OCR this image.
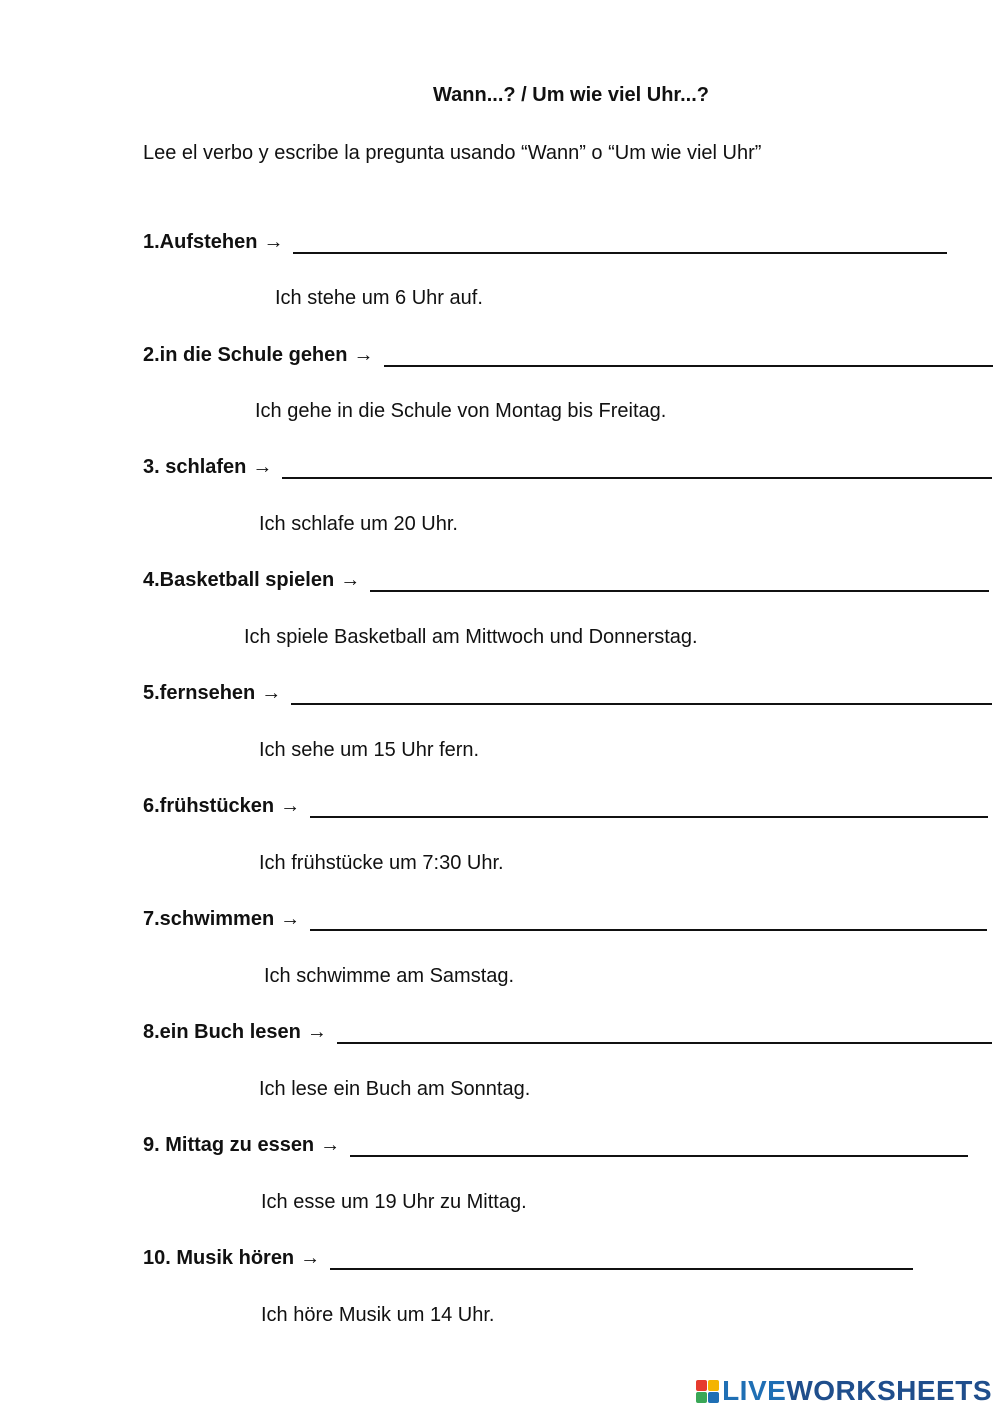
Wann...? / Um wie viel Uhr...?
Lee el verbo y escribe la pregunta usando “Wann” o “Um wie viel Uhr”
1.Aufstehen →
Ich stehe um 6 Uhr auf.
2.in die Schule gehen →
Ich gehe in die Schule von Montag bis Freitag.
3. schlafen →
Ich schlafe um 20 Uhr.
4.Basketball spielen →
Ich spiele Basketball am Mittwoch und Donnerstag.
5.fernsehen →
Ich sehe um 15 Uhr fern.
6.frühstücken →
Ich frühstücke um 7:30 Uhr.
7.schwimmen →
Ich schwimme am Samstag.
8.ein Buch lesen →
Ich lese ein Buch am Sonntag.
9. Mittag zu essen →
Ich esse um 19 Uhr zu Mittag.
10. Musik hören →
Ich höre Musik um 14 Uhr.
LIVE WORKSHEETS
